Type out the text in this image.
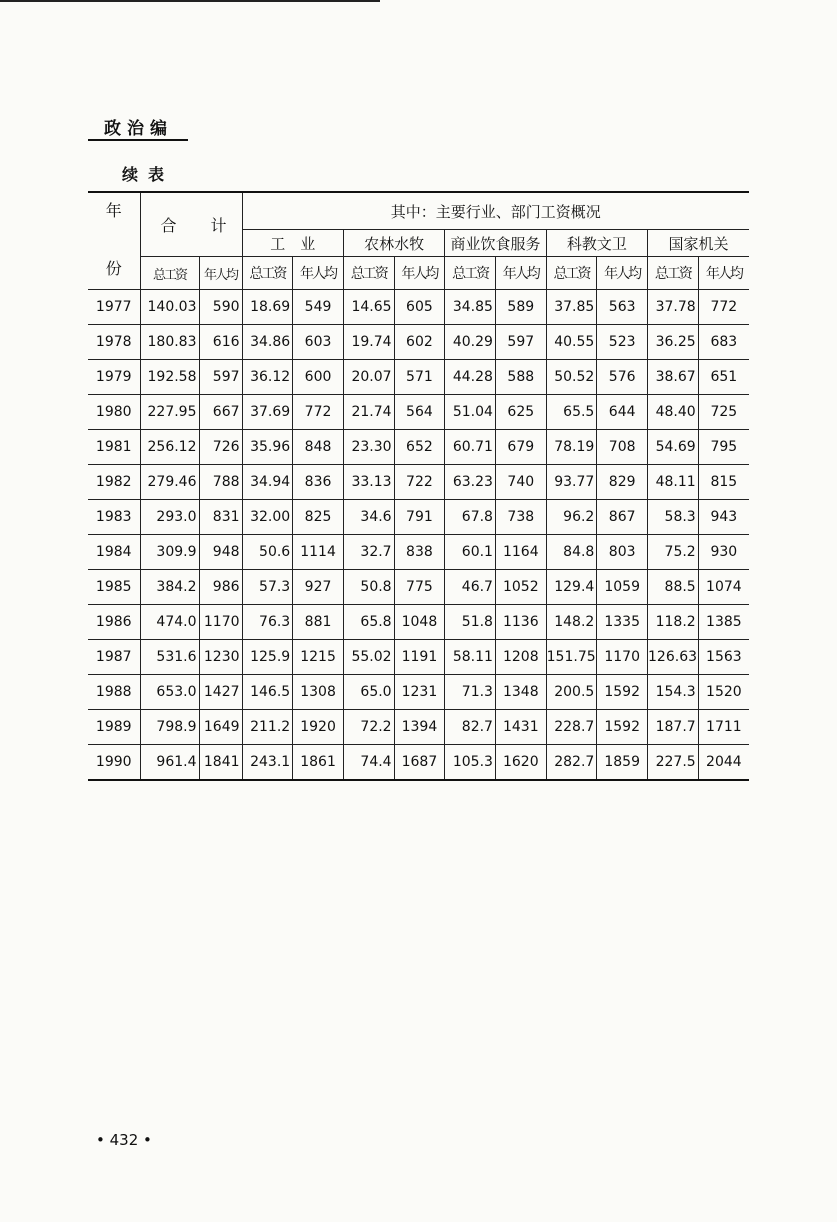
政治编
续表
年
份	合计		其中：主要行业、部门工资概况									
			工　业		农林水牧		商业饮食服务		科教文卫		国家机关	
	总工资	年人均	总工资	年人均	总工资	年人均	总工资	年人均	总工资	年人均	总工资	年人均
1977	140.03	590	18.69	549	14.65	605	34.85	589	37.85	563	37.78	772
1978	180.83	616	34.86	603	19.74	602	40.29	597	40.55	523	36.25	683
1979	192.58	597	36.12	600	20.07	571	44.28	588	50.52	576	38.67	651
1980	227.95	667	37.69	772	21.74	564	51.04	625	65.5	644	48.40	725
1981	256.12	726	35.96	848	23.30	652	60.71	679	78.19	708	54.69	795
1982	279.46	788	34.94	836	33.13	722	63.23	740	93.77	829	48.11	815
1983	293.0	831	32.00	825	34.6	791	67.8	738	96.2	867	58.3	943
1984	309.9	948	50.6	1114	32.7	838	60.1	1164	84.8	803	75.2	930
1985	384.2	986	57.3	927	50.8	775	46.7	1052	129.4	1059	88.5	1074
1986	474.0	1170	76.3	881	65.8	1048	51.8	1136	148.2	1335	118.2	1385
1987	531.6	1230	125.9	1215	55.02	1191	58.11	1208	151.75	1170	126.63	1563
1988	653.0	1427	146.5	1308	65.0	1231	71.3	1348	200.5	1592	154.3	1520
1989	798.9	1649	211.2	1920	72.2	1394	82.7	1431	228.7	1592	187.7	1711
1990	961.4	1841	243.1	1861	74.4	1687	105.3	1620	282.7	1859	227.5	2044
• 432 •
